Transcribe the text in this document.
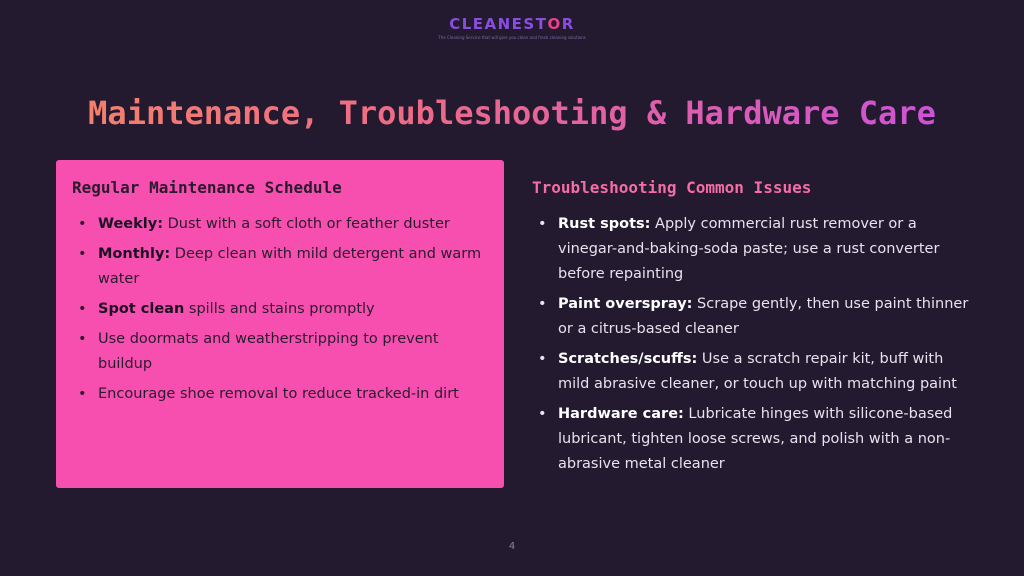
CLEANESTOR
The Cleaning Service that will give you clean and fresh cleaning solutions
Maintenance, Troubleshooting & Hardware Care
Regular Maintenance Schedule
• Weekly: Dust with a soft cloth or feather duster
• Monthly: Deep clean with mild detergent and warm water
• Spot clean spills and stains promptly
• Use doormats and weatherstripping to prevent buildup
• Encourage shoe removal to reduce tracked-in dirt
Troubleshooting Common Issues
• Rust spots: Apply commercial rust remover or a vinegar-and-baking-soda paste; use a rust converter before repainting
• Paint overspray: Scrape gently, then use paint thinner or a citrus-based cleaner
• Scratches/scuffs: Use a scratch repair kit, buff with mild abrasive cleaner, or touch up with matching paint
• Hardware care: Lubricate hinges with silicone-based lubricant, tighten loose screws, and polish with a non-abrasive metal cleaner
4
